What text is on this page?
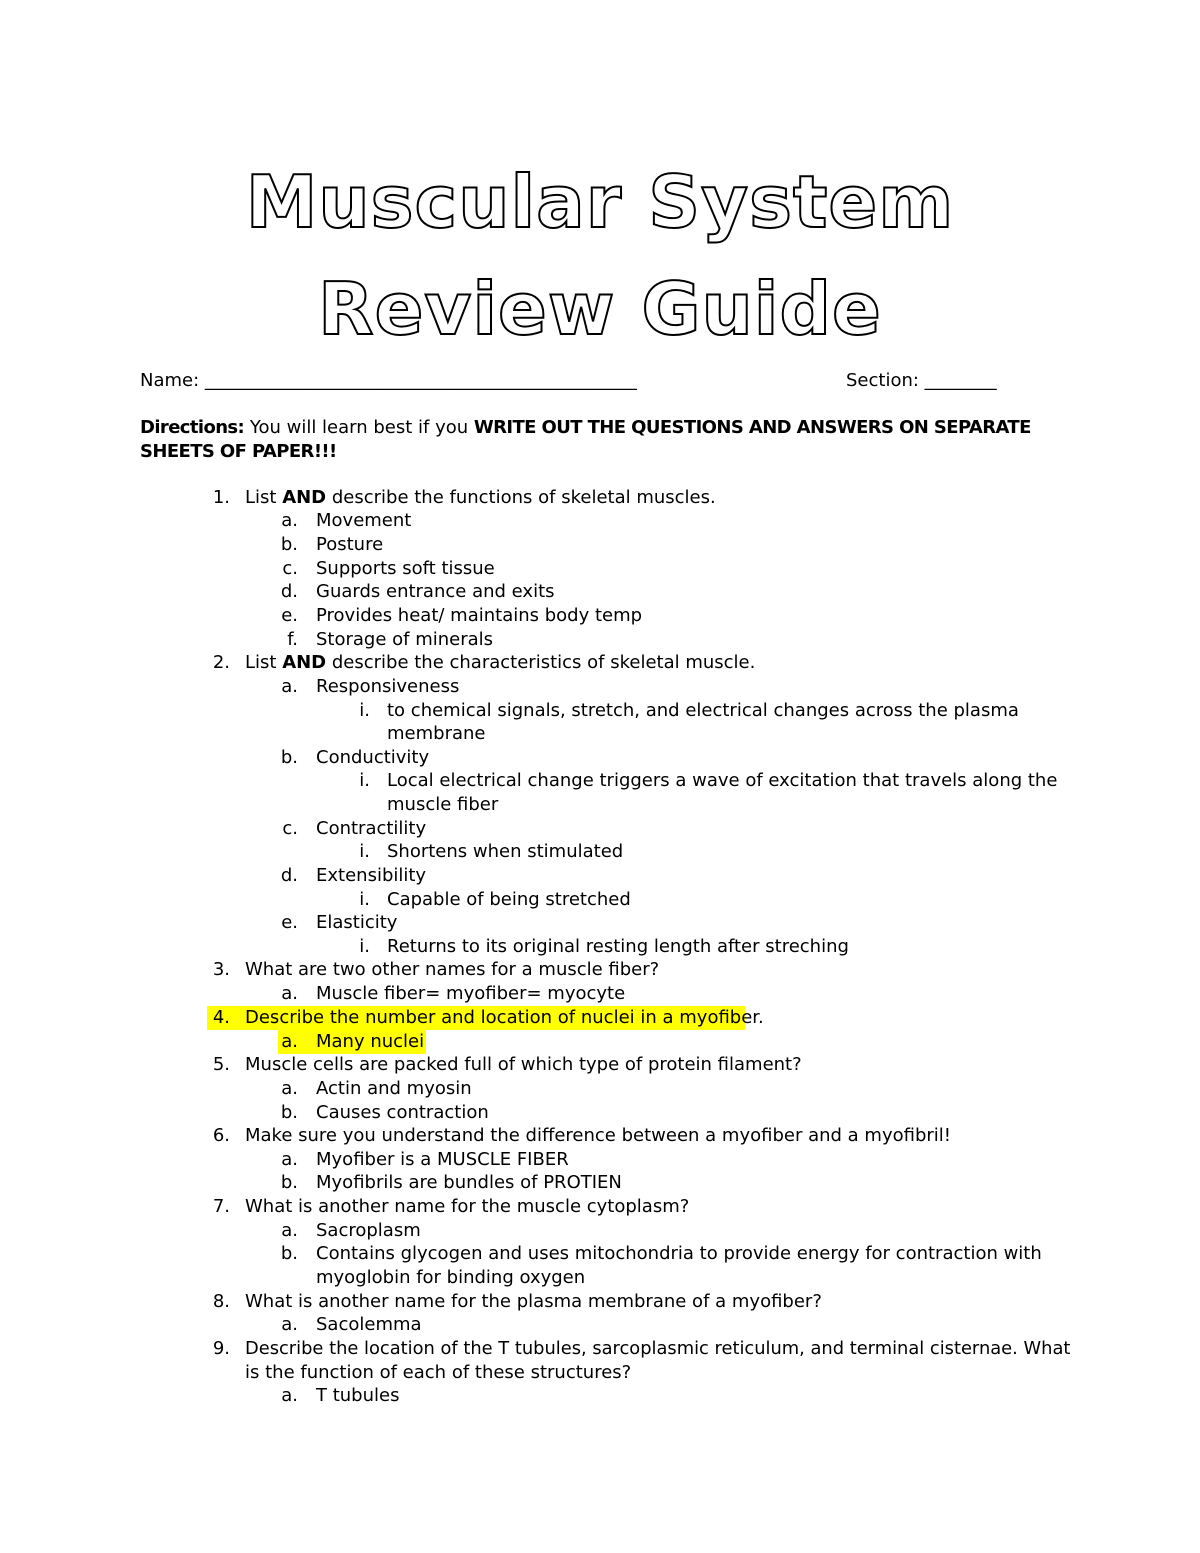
Muscular System
Review Guide
Name: ________________________________________________	Section: ________
Directions: You will learn best if you WRITE OUT THE QUESTIONS AND ANSWERS ON SEPARATE SHEETS OF PAPER!!!
1. List AND describe the functions of skeletal muscles.
a. Movement
b. Posture
c. Supports soft tissue
d. Guards entrance and exits
e. Provides heat/ maintains body temp
f. Storage of minerals
2. List AND describe the characteristics of skeletal muscle.
a. Responsiveness
i. to chemical signals, stretch, and electrical changes across the plasma
membrane
b. Conductivity
i. Local electrical change triggers a wave of excitation that travels along the
muscle fiber
c. Contractility
i. Shortens when stimulated
d. Extensibility
i. Capable of being stretched
e. Elasticity
i. Returns to its original resting length after streching
3. What are two other names for a muscle fiber?
a. Muscle fiber= myofiber= myocyte
4. Describe the number and location of nuclei in a myofiber.
a. Many nuclei
5. Muscle cells are packed full of which type of protein filament?
a. Actin and myosin
b. Causes contraction
6. Make sure you understand the difference between a myofiber and a myofibril!
a. Myofiber is a MUSCLE FIBER
b. Myofibrils are bundles of PROTIEN
7. What is another name for the muscle cytoplasm?
a. Sacroplasm
b. Contains glycogen and uses mitochondria to provide energy for contraction with
myoglobin for binding oxygen
8. What is another name for the plasma membrane of a myofiber?
a. Sacolemma
9. Describe the location of the T tubules, sarcoplasmic reticulum, and terminal cisternae. What
is the function of each of these structures?
a. T tubules
